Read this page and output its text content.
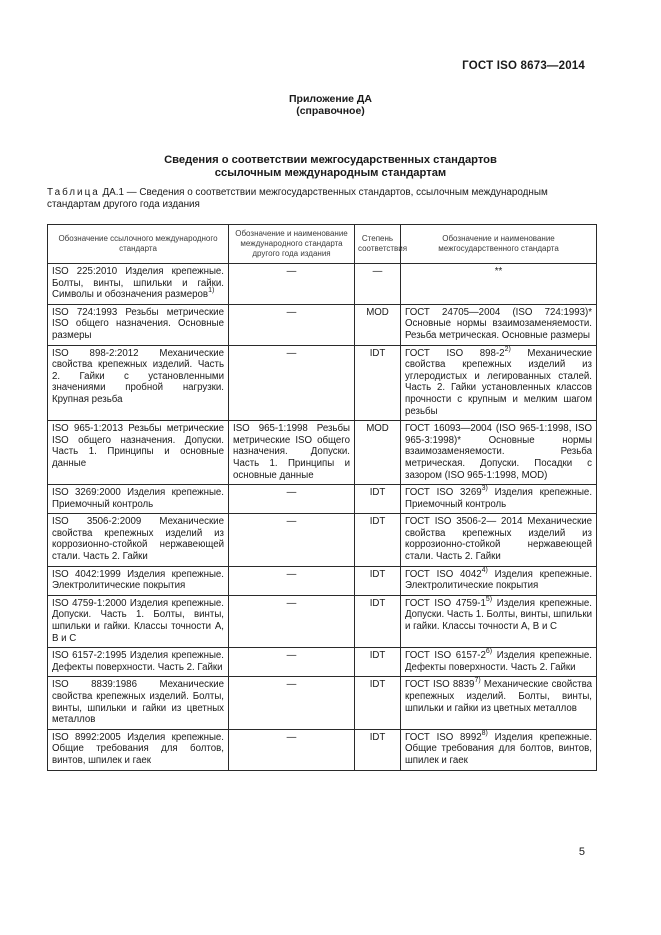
ГОСТ ISO 8673—2014
Приложение ДА
(справочное)
Сведения о соответствии межгосударственных стандартов
ссылочным международным стандартам
Таблица ДА.1 — Сведения о соответствии межгосударственных стандартов, ссылочным международным стандартам другого года издания
Обозначение ссылочного международного стандарта	Обозначение и наименование международного стандарта другого года издания	Степень соответствия	Обозначение и наименование межгосударственного стандарта
ISO 225:2010 Изделия крепежные. Болты, винты, шпильки и гайки. Символы и обозначения размеров$^{1)}$	—	—	**
ISO 724:1993 Резьбы метрические ISO общего назначения. Основные размеры	—	MOD	ГОСТ 24705—2004 (ISO 724:1993)* Основные нормы взаимозаменяемости. Резьба метрическая. Основные размеры
ISO 898-2:2012 Механические свойства крепежных изделий. Часть 2. Гайки с установленными значениями пробной нагрузки. Крупная резьба	—	IDT	ГОСТ ISO 898-2$^{2)}$ Механические свойства крепежных изделий из углеродистых и легированных сталей. Часть 2. Гайки установленных классов прочности с крупным и мелким шагом резьбы
ISO 965-1:2013 Резьбы метрические ISO общего назначения. Допуски. Часть 1. Принципы и основные данные	ISO 965-1:1998 Резьбы метрические ISO общего назначения. Допуски. Часть 1. Принципы и основные данные	MOD	ГОСТ 16093—2004 (ISO 965-1:1998, ISO 965-3:1998)* Основные нормы взаимозаменяемости. Резьба метрическая. Допуски. Посадки с зазором (ISO 965-1:1998, MOD)
ISO 3269:2000 Изделия крепежные. Приемочный контроль	—	IDT	ГОСТ ISO 3269$^{3)}$ Изделия крепежные. Приемочный контроль
ISO 3506-2:2009 Механические свойства крепежных изделий из коррозионно-стойкой нержавеющей стали. Часть 2. Гайки	—	IDT	ГОСТ ISO 3506-2— 2014 Механические свойства крепежных изделий из коррозионно-стойкой нержавеющей стали. Часть 2. Гайки
ISO 4042:1999 Изделия крепежные. Электролитические покрытия	—	IDT	ГОСТ ISO 4042$^{4)}$ Изделия крепежные. Электролитические покрытия
ISO 4759-1:2000 Изделия крепежные. Допуски. Часть 1. Болты, винты, шпильки и гайки. Классы точности A, B и C	—	IDT	ГОСТ ISO 4759-1$^{5)}$ Изделия крепежные. Допуски. Часть 1. Болты, винты, шпильки и гайки. Классы точности A, B и C
ISO 6157-2:1995 Изделия крепежные. Дефекты поверхности. Часть 2. Гайки	—	IDT	ГОСТ ISO 6157-2$^{6)}$ Изделия крепежные. Дефекты поверхности. Часть 2. Гайки
ISO 8839:1986 Механические свойства крепежных изделий. Болты, винты, шпильки и гайки из цветных металлов	—	IDT	ГОСТ ISO 8839$^{7)}$ Механические свойства крепежных изделий. Болты, винты, шпильки и гайки из цветных металлов
ISO 8992:2005 Изделия крепежные. Общие требования для болтов, винтов, шпилек и гаек	—	IDT	ГОСТ ISO 8992$^{8)}$ Изделия крепежные. Общие требования для болтов, винтов, шпилек и гаек
5
